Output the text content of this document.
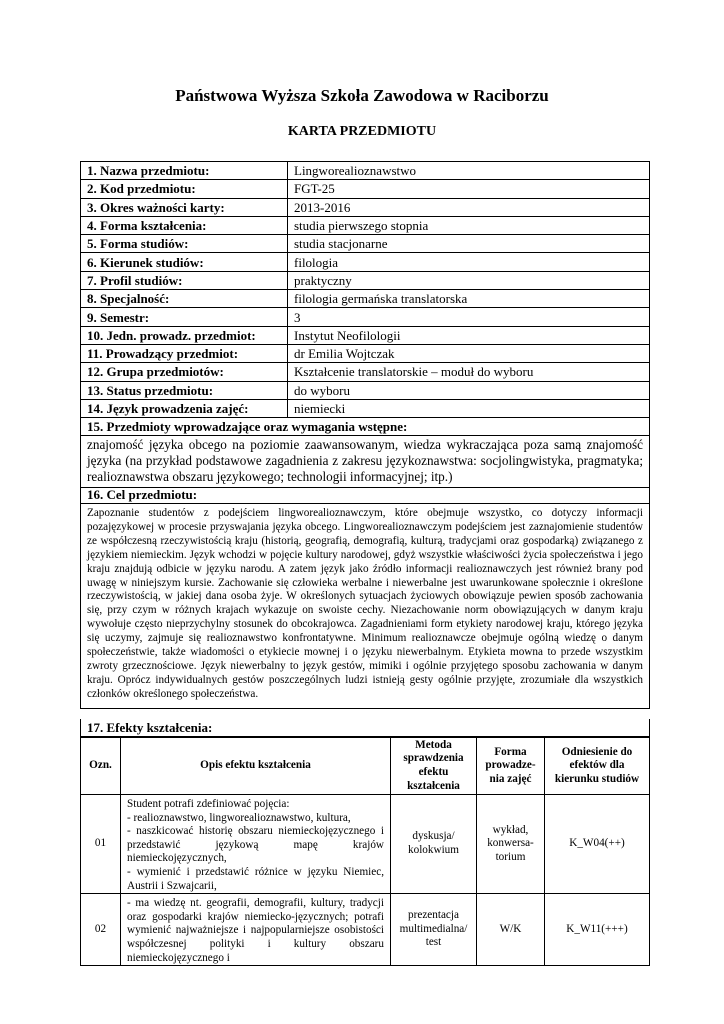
Państwowa Wyższa Szkoła Zawodowa w Raciborzu
KARTA PRZEDMIOTU
1. Nazwa przedmiotu:	Lingworealioznawstwo
2. Kod przedmiotu:	FGT-25
3. Okres ważności karty:	2013-2016
4. Forma kształcenia:	studia pierwszego stopnia
5. Forma studiów:	studia stacjonarne
6. Kierunek studiów:	filologia
7. Profil studiów:	praktyczny
8. Specjalność:	filologia germańska translatorska
9. Semestr:	3
10. Jedn. prowadz. przedmiot:	Instytut Neofilologii
11. Prowadzący przedmiot:	dr Emilia Wojtczak
12. Grupa przedmiotów:	Kształcenie translatorskie – moduł do wyboru
13. Status przedmiotu:	do wyboru
14. Język prowadzenia zajęć:	niemiecki
15. Przedmioty wprowadzające oraz wymagania wstępne:
znajomość języka obcego na poziomie zaawansowanym, wiedza wykraczająca poza samą znajomość języka (na przykład podstawowe zagadnienia z zakresu językoznawstwa: socjolingwistyka, pragmatyka; realioznawstwa obszaru językowego; technologii informacyjnej; itp.)
16. Cel przedmiotu:
Zapoznanie studentów z podejściem lingworealioznawczym, które obejmuje wszystko, co dotyczy informacji pozajęzykowej w procesie przyswajania języka obcego. Lingworealioznawczym podejściem jest zaznajomienie studentów ze współczesną rzeczywistością kraju (historią, geografią, demografią, kulturą, tradycjami oraz gospodarką) związanego z językiem niemieckim. Język wchodzi w pojęcie kultury narodowej, gdyż wszystkie właściwości życia społeczeństwa i jego kraju znajdują odbicie w języku narodu. A zatem język jako źródło informacji realioznawczych jest również brany pod uwagę w niniejszym kursie. Zachowanie się człowieka werbalne i niewerbalne jest uwarunkowane społecznie i określone rzeczywistością, w jakiej dana osoba żyje. W określonych sytuacjach życiowych obowiązuje pewien sposób zachowania się, przy czym w różnych krajach wykazuje on swoiste cechy. Niezachowanie norm obowiązujących w danym kraju wywołuje często nieprzychylny stosunek do obcokrajowca. Zagadnieniami form etykiety narodowej kraju, którego języka się uczymy, zajmuje się realioznawstwo konfrontatywne. Minimum realioznawcze obejmuje ogólną wiedzę o danym społeczeństwie, także wiadomości o etykiecie mownej i o języku niewerbalnym. Etykieta mowna to przede wszystkim zwroty grzecznościowe. Język niewerbalny to język gestów, mimiki i ogólnie przyjętego sposobu zachowania w danym kraju. Oprócz indywidualnych gestów poszczególnych ludzi istnieją gesty ogólnie przyjęte, zrozumiałe dla wszystkich członków określonego społeczeństwa.
17. Efekty kształcenia:
Ozn.	Opis efektu kształcenia	Metoda sprawdzenia efektu kształcenia	Forma prowadze-nia zajęć	Odniesienie do efektów dla kierunku studiów
01	Student potrafi zdefiniować pojęcia:
- realioznawstwo, lingworealioznawstwo, kultura,
- naszkicować historię obszaru niemieckojęzycznego i przedstawić językową mapę krajów niemieckojęzycznych,
- wymienić i przedstawić różnice w języku Niemiec, Austrii i Szwajcarii,	dyskusja/ kolokwium	wykład, konwersa-torium	K_W04(++)
02	- ma wiedzę nt. geografii, demografii, kultury, tradycji oraz gospodarki krajów niemiecko-języcznych; potrafi wymienić najważniejsze i najpopularniejsze osobistości współczesnej polityki i kultury obszaru niemieckojęzycznego i	prezentacja multimedialna/ test	W/K	K_W11(+++)
